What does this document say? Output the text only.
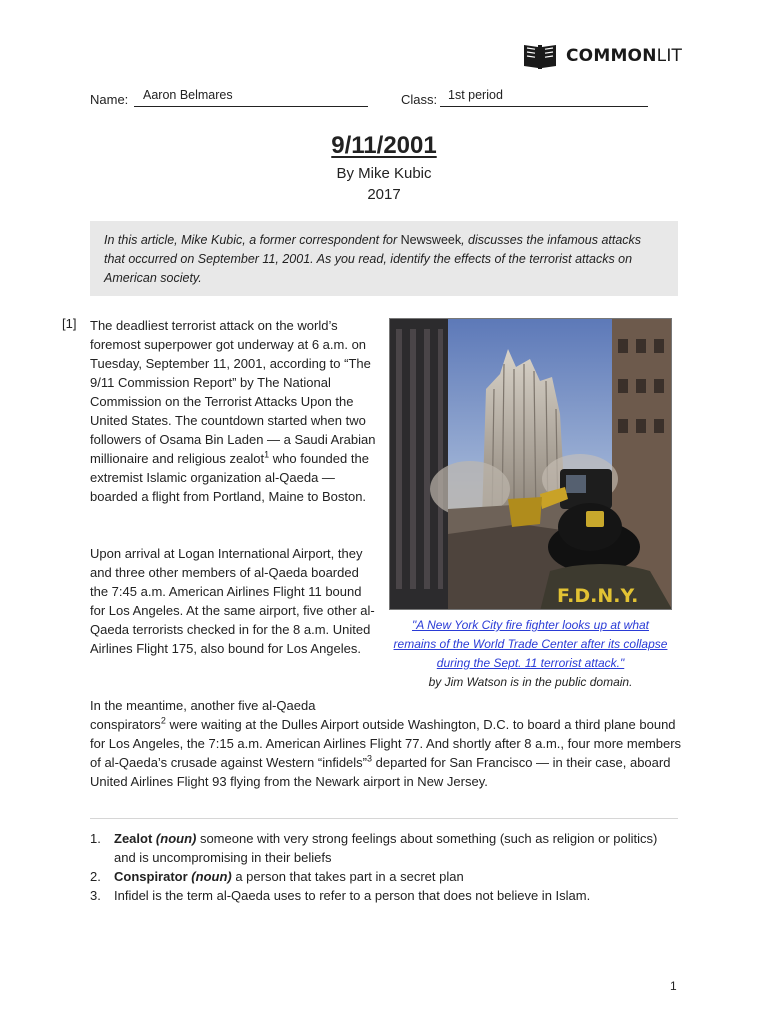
COMMONLIT
Name: Aaron Belmares	Class: 1st period
9/11/2001
By Mike Kubic
2017
In this article, Mike Kubic, a former correspondent for Newsweek, discusses the infamous attacks that occurred on September 11, 2001. As you read, identify the effects of the terrorist attacks on American society.
[1] The deadliest terrorist attack on the world’s foremost superpower got underway at 6 a.m. on Tuesday, September 11, 2001, according to “The 9/11 Commission Report” by The National Commission on the Terrorist Attacks Upon the United States. The countdown started when two followers of Osama Bin Laden — a Saudi Arabian millionaire and religious zealot$^1$ who founded the extremist Islamic organization al-Qaeda — boarded a flight from Portland, Maine to Boston.
Upon arrival at Logan International Airport, they and three other members of al-Qaeda boarded the 7:45 a.m. American Airlines Flight 11 bound for Los Angeles. At the same airport, five other al-Qaeda terrorists checked in for the 8 a.m. United Airlines Flight 175, also bound for Los Angeles.
In the meantime, another five al-Qaeda
conspirators$^2$ were waiting at the Dulles Airport outside Washington, D.C. to board a third plane bound for Los Angeles, the 7:15 a.m. American Airlines Flight 77. And shortly after 8 a.m., four more members of al-Qaeda’s crusade against Western “infidels”$^3$ departed for San Francisco — in their case, aboard United Airlines Flight 93 flying from the Newark airport in New Jersey.
F.D.N.Y.
"A New York City fire fighter looks up at what remains of the World Trade Center after its collapse during the Sept. 11 terrorist attack."
by Jim Watson is in the public domain.
1.	Zealot (noun) someone with very strong feelings about something (such as religion or politics) and is uncompromising in their beliefs
2.	Conspirator (noun) a person that takes part in a secret plan
3.	Infidel is the term al-Qaeda uses to refer to a person that does not believe in Islam.
1
